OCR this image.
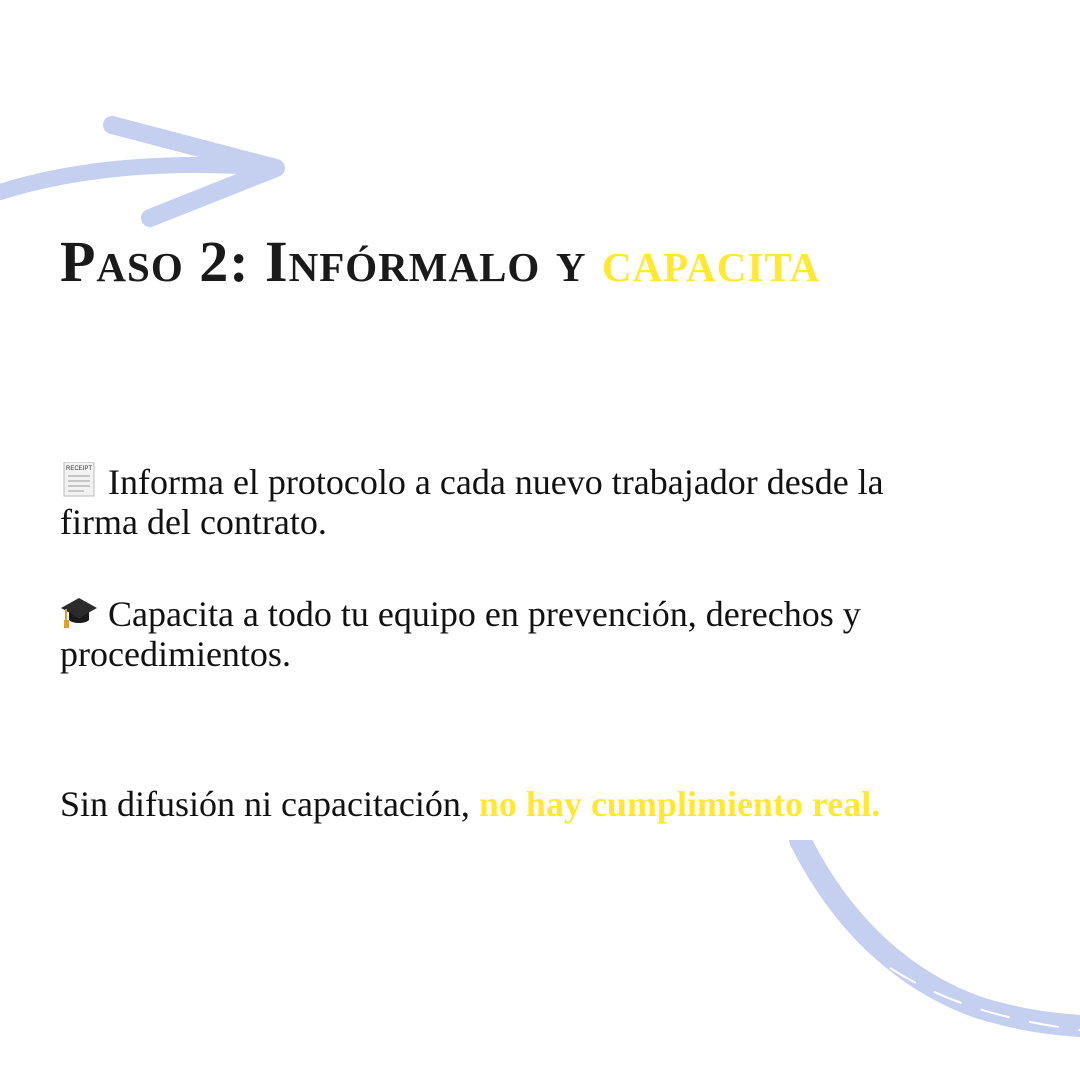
Paso 2: Infórmalo y capacita

RECEIPT Informa el protocolo a cada nuevo trabajador desde la firma del contrato.

Capacita a todo tu equipo en prevención, derechos y procedimientos.

Sin difusión ni capacitación, no hay cumplimiento real.
